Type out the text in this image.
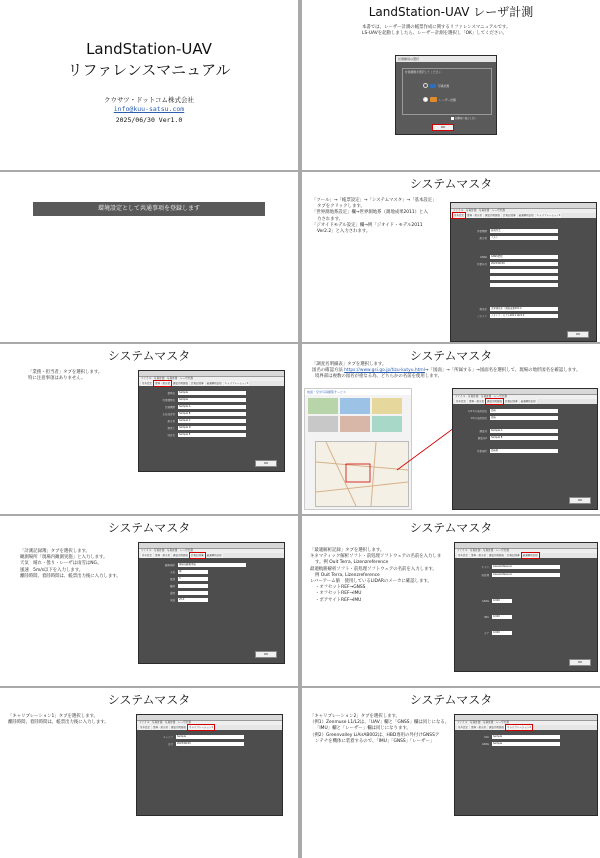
LandStation-UAV
リファレンスマニュアル
クウサツ・ドットコム株式会社
info@kuu-satsu.com
2025/06/30 Ver1.0
LandStation-UAV レーザ計測
本書では、レーザー計測の帳票作成に関するリファレンスマニュアルです。
LS-UAVを起動しましたら、レーザー計測を選択し「OK」してください。
計測種別の選択
計測種類を選択してください
写真計測
レーザー計測
起動時に表示しない
OK
環境設定として共通事項を登録します
システムマスタ
「ツール」→「帳票設定」→「システムマスタ」→「基本設定」
タブをクリックします。
「世界測地系設定」欄→世界測地系（測地成果2011）と入
力されます。
「ジオイドモデル設定」欄→例「ジオイド・モデル2011
Ver2.2」と入力されます。
ファイル　写真計測　写真計測　レーザ計測
基本設定	業務・担当者	調査名明細表	計測記録簿	最適解析記録	キャリブレーション1
作業機関	新規作業
担当者	テスト
GNSS	GNSS情報
作業年月	2025/06/30
測地系	世界測地系（測地成果2011）
ジオイド	ジオイド・モデル2011 Ver2.2
OK
システムマスタ
「業務・担当者」タブを選択します。
特に注意事項はありません。	ファイル　写真計測　写真計測　レーザ計測
基本設定	業務・担当者	調査名明細表	計測記録簿	最適解析記録	キャリブレーション1
業務名	Sample
作業機関名	Sample
計画機関	Sample A
主任技術者	Sample B
担当者	Sample C
測量士	Sample D
地区名	Sample E
OK
システムマスタ
「調査名明細表」タブを選択します。
図名の確認方法 https://www.gsi.go.jp/tizu-kutyu.html→「図面」→「所属する」→図面名を選択して、現場の地形図名を確認します。
境界部は複数の図名が重なる為、どちらかの名前を使用します。
地図・空中写真閲覧サービス
ファイル　写真計測　写真計測　レーザ計測
基本設定	業務・担当者	調査名明細表	計測記録簿	最適解析記録
1/2.5万地形図名	長崎
1/5万地形図名	長崎
調査地	Sample A
調査地2	Sample B
作業場所	長崎県
OK
システムマスタ
「計測記録簿」タブを選択します。
観測場所「現場内観測実施」と入力します。
天気　晴れ・曇り・レーザは雨雪はNG。
風速　5m/s以下を入力します。
離陸時間、着陸時間は、帳票出力後に入力します。
ファイル　写真計測　写真計測　レーザ計測
基本設定	業務・担当者	調査名明細表	計測記録簿	最適解析記録
観測場所	現場内観測実施
天気	晴
風速	3
離陸
着陸
気温	25.0
OK
システムマスタ
「最適解析記録」タブを選択します。
キネマティック解析ソフト・前処理ソフトウェアの名前を入力しま
す。例 Ouit Terra, Lizenzreference
最適軌跡解析ソフト・前処理ソフトウェアの名前を入力します。
例 Ouit Terra, Lizenzreference
レバーアーム値　使用しているLIDARのメーカに確認します。
・オフセットREF→GNSS
・オフセットREF→IMU
・ボアサイトREF→IMU
ファイル　写真計測　写真計測　レーザ計測
基本設定	業務・担当者	調査名明細表	計測記録簿	最適解析記録
キネマ	Lizenzreference
前処理	Lizenzreference
GNSS	0.000
IMU	0.000
ボア	0.000
OK
システムマスタ
「キャリブレーション1」タブを選択します。
離陸時間、着陸時間は、帳票出力後に入力します。	ファイル　写真計測　写真計測　レーザ計測
基本設定	業務・担当者	調査名明細表	キャリブレーション1
キャリブ	Sample
日付	2025/06/15
システムマスタ
「キャリブレーション2」タブを選択します。
（例1）Zenmuse L1/L2は、「UAV」欄と「GNSS」欄は同じになる。
「IMU」欄と「レーザー」欄は同じになります。
（例2）Greenvalley LiAirAB002は、HBD専用の外付けGNSSア
ンテナを機体に装着するので、「IMU」「GNSS」「レーザー」
ファイル　写真計測　写真計測　レーザ計測
基本設定	業務・担当者	調査名明細表	キャリブレーション2
UAV	Sample
GNSS	Sample
